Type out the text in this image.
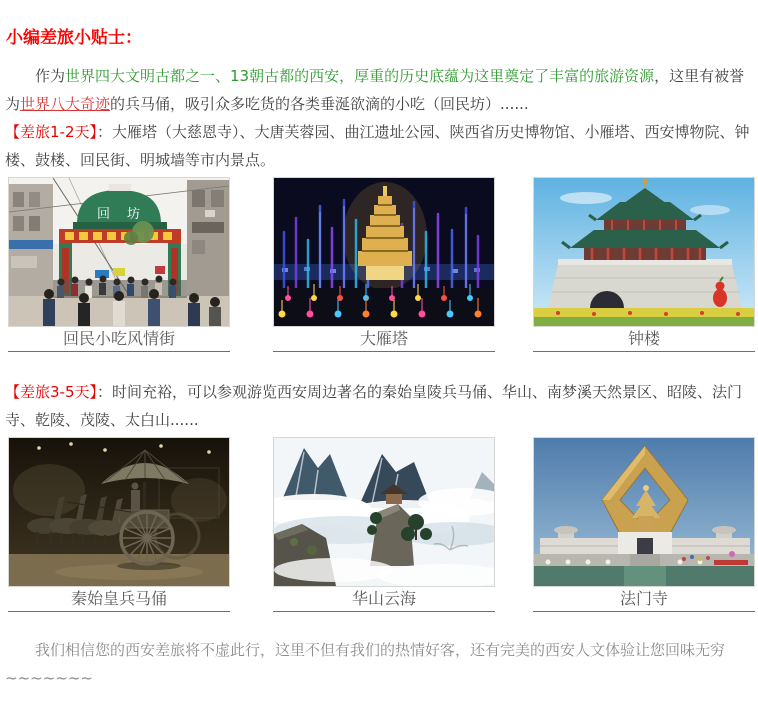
小编差旅小贴士：

作为世界四大文明古都之一、13朝古都的西安，厚重的历史底蕴为这里奠定了丰富的旅游资源，这里有被誉为世界八大奇迹的兵马俑，吸引众多吃货的各类垂涎欲滴的小吃（回民坊）......

【差旅1-2天】：大雁塔（大慈恩寺）、大唐芙蓉园、曲江遗址公园、陕西省历史博物馆、小雁塔、西安博物院、钟楼、鼓楼、回民街、明城墙等市内景点。

回 坊
回民小吃风情街	大雁塔	钟楼

【差旅3-5天】：时间充裕，可以参观游览西安周边著名的秦始皇陵兵马俑、华山、南梦溪天然景区、昭陵、法门寺、乾陵、茂陵、太白山......

秦始皇兵马俑	华山云海	法门寺

我们相信您的西安差旅将不虚此行，这里不但有我们的热情好客，还有完美的西安人文体验让您回味无穷~~~~~~~
